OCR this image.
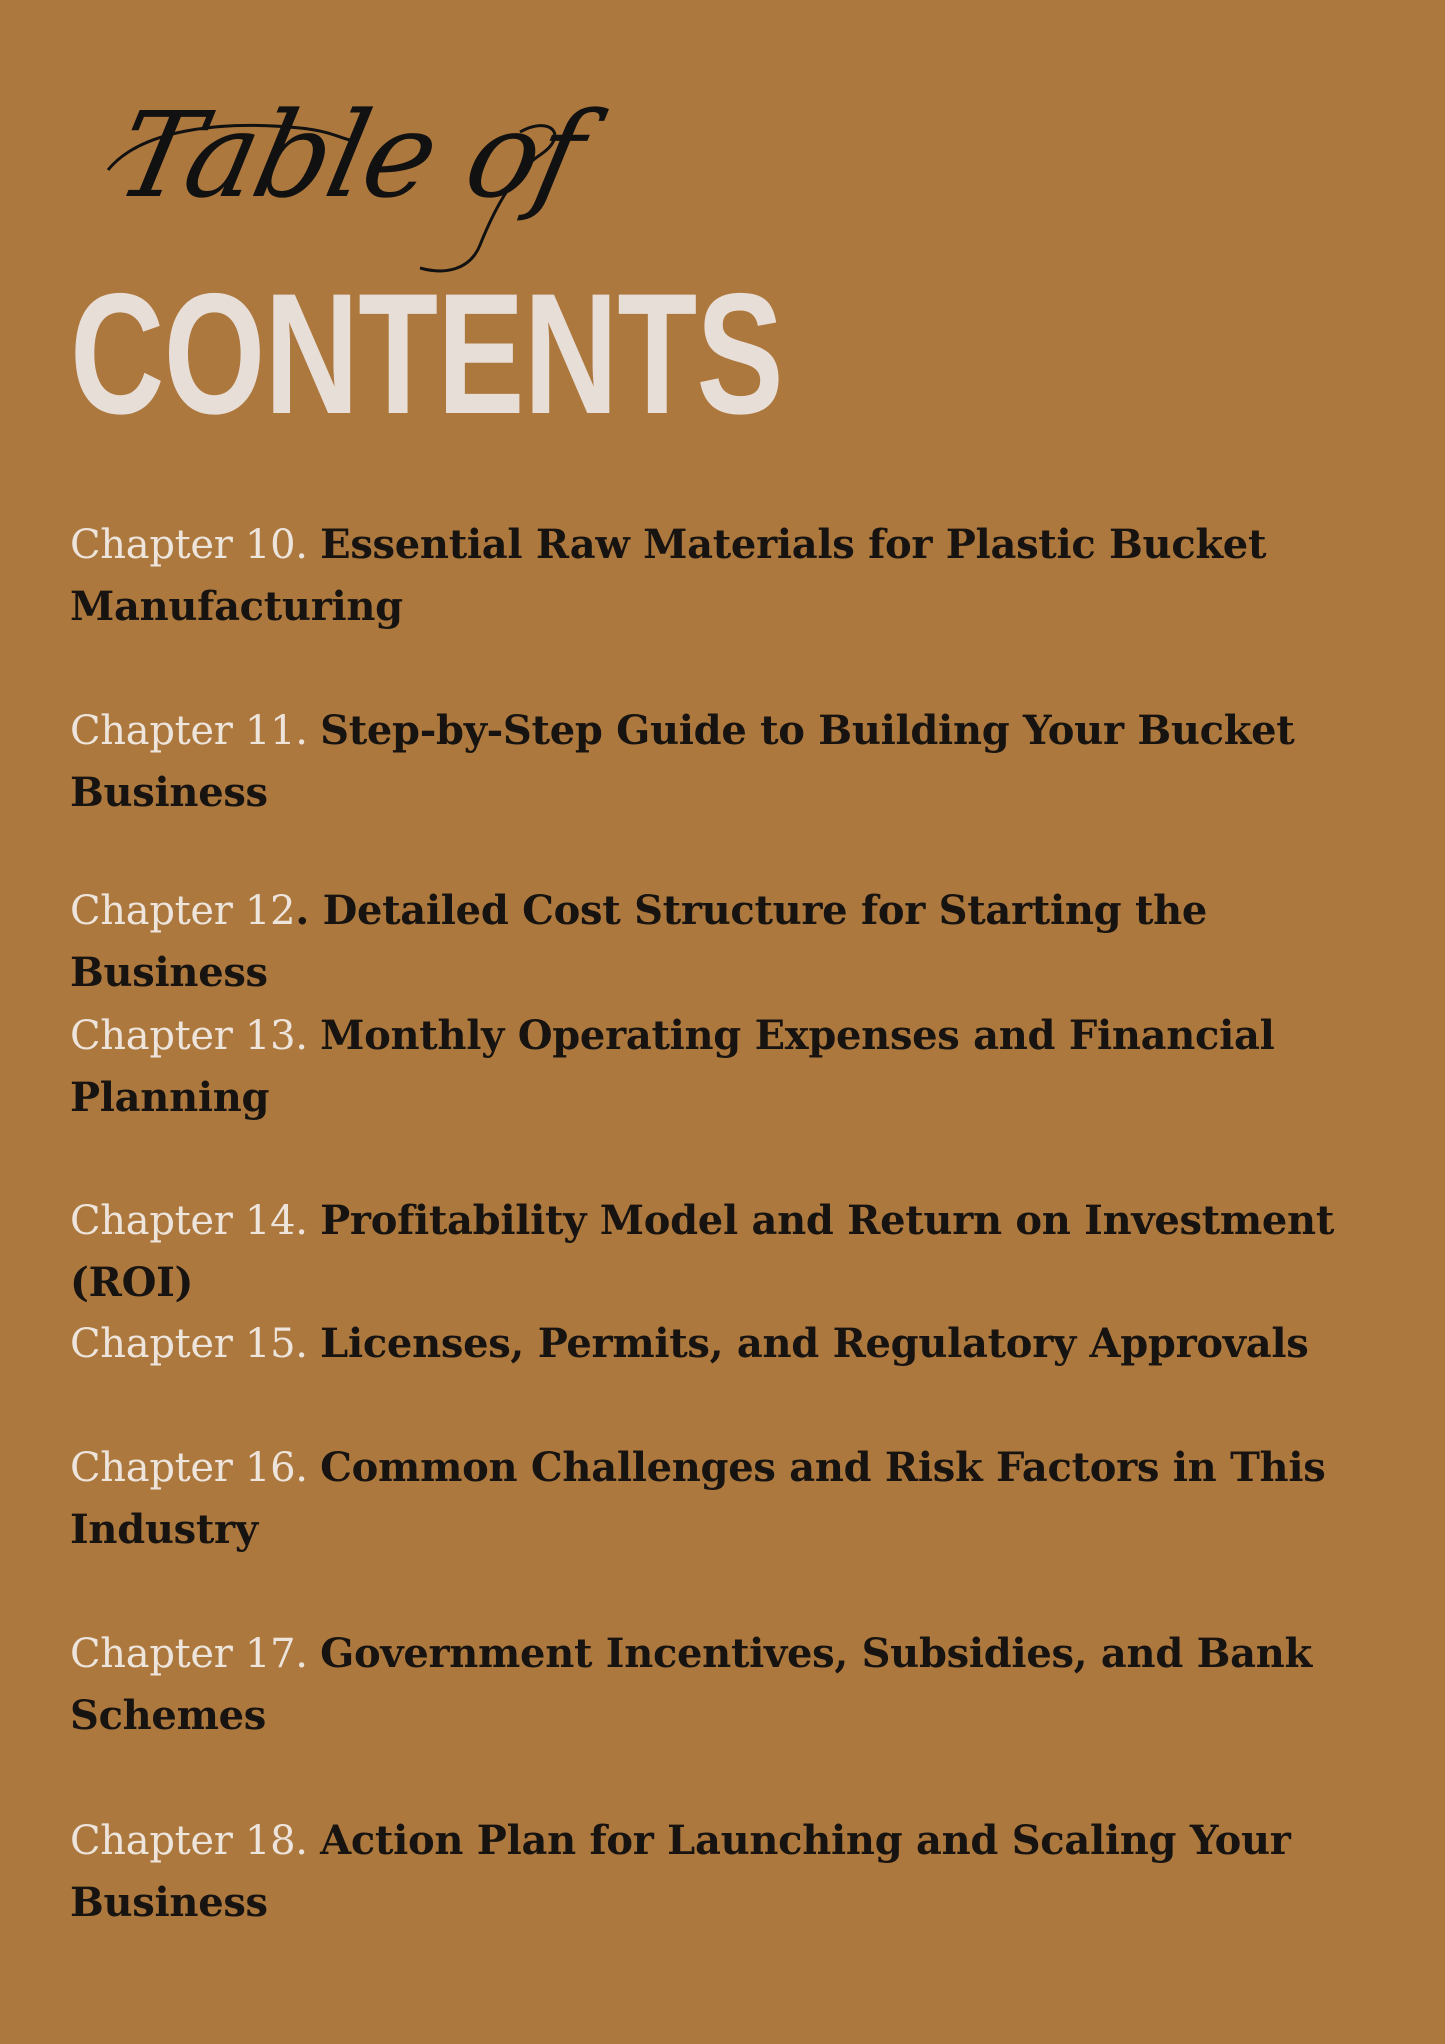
Table of
CONTENTS
Chapter 10. Essential Raw Materials for Plastic Bucket Manufacturing
Chapter 11. Step-by-Step Guide to Building Your Bucket Business
Chapter 12. Detailed Cost Structure for Starting the Business
Chapter 13. Monthly Operating Expenses and Financial Planning
Chapter 14. Profitability Model and Return on Investment (ROI)
Chapter 15. Licenses, Permits, and Regulatory Approvals
Chapter 16. Common Challenges and Risk Factors in This Industry
Chapter 17. Government Incentives, Subsidies, and Bank Schemes
Chapter 18. Action Plan for Launching and Scaling Your Business
